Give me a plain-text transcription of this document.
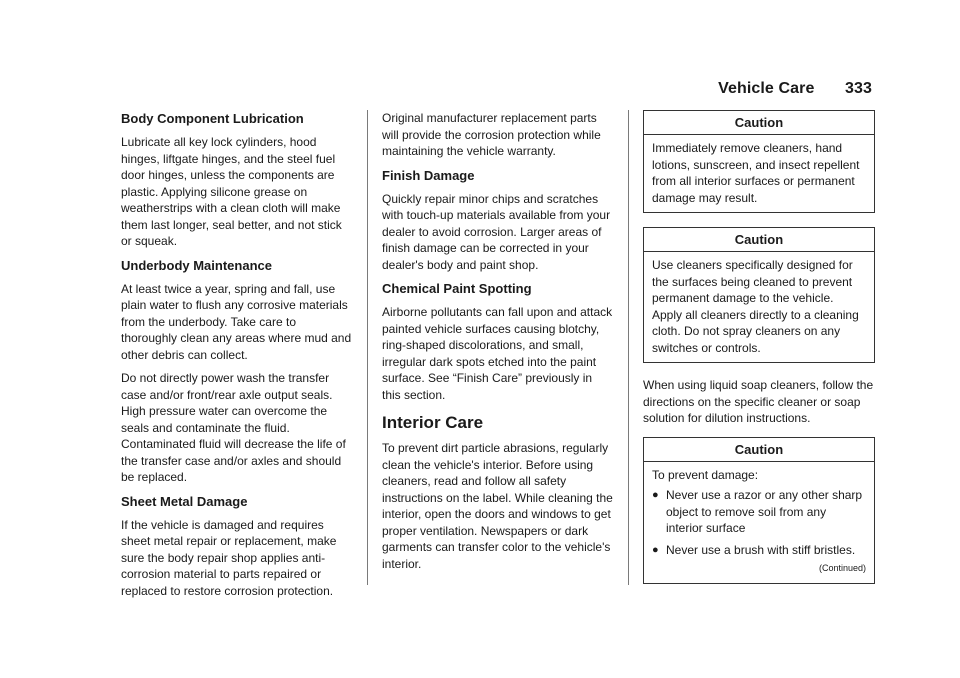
Vehicle Care 333
Body Component Lubrication

Lubricate all key lock cylinders, hood hinges, liftgate hinges, and the steel fuel door hinges, unless the components are plastic. Applying silicone grease on weatherstrips with a clean cloth will make them last longer, seal better, and not stick or squeak.

Underbody Maintenance

At least twice a year, spring and fall, use plain water to flush any corrosive materials from the underbody. Take care to thoroughly clean any areas where mud and other debris can collect.

Do not directly power wash the transfer case and/or front/rear axle output seals. High pressure water can overcome the seals and contaminate the fluid. Contaminated fluid will decrease the life of the transfer case and/or axles and should be replaced.

Sheet Metal Damage

If the vehicle is damaged and requires sheet metal repair or replacement, make sure the body repair shop applies anti-corrosion material to parts repaired or replaced to restore corrosion protection.

Original manufacturer replacement parts will provide the corrosion protection while maintaining the vehicle warranty.

Finish Damage

Quickly repair minor chips and scratches with touch-up materials available from your dealer to avoid corrosion. Larger areas of finish damage can be corrected in your dealer's body and paint shop.

Chemical Paint Spotting

Airborne pollutants can fall upon and attack painted vehicle surfaces causing blotchy, ring-shaped discolorations, and small, irregular dark spots etched into the paint surface. See “Finish Care” previously in this section.

Interior Care

To prevent dirt particle abrasions, regularly clean the vehicle's interior. Before using cleaners, read and follow all safety instructions on the label. While cleaning the interior, open the doors and windows to get proper ventilation. Newspapers or dark garments can transfer color to the vehicle's interior.

Caution
Immediately remove cleaners, hand lotions, sunscreen, and insect repellent from all interior surfaces or permanent damage may result.
Caution
Use cleaners specifically designed for the surfaces being cleaned to prevent permanent damage to the vehicle. Apply all cleaners directly to a cleaning cloth. Do not spray cleaners on any switches or controls.

When using liquid soap cleaners, follow the directions on the specific cleaner or soap solution for dilution instructions.

Caution
To prevent damage:
● Never use a razor or any other sharp object to remove soil from any interior surface
● Never use a brush with stiff bristles.
(Continued)
